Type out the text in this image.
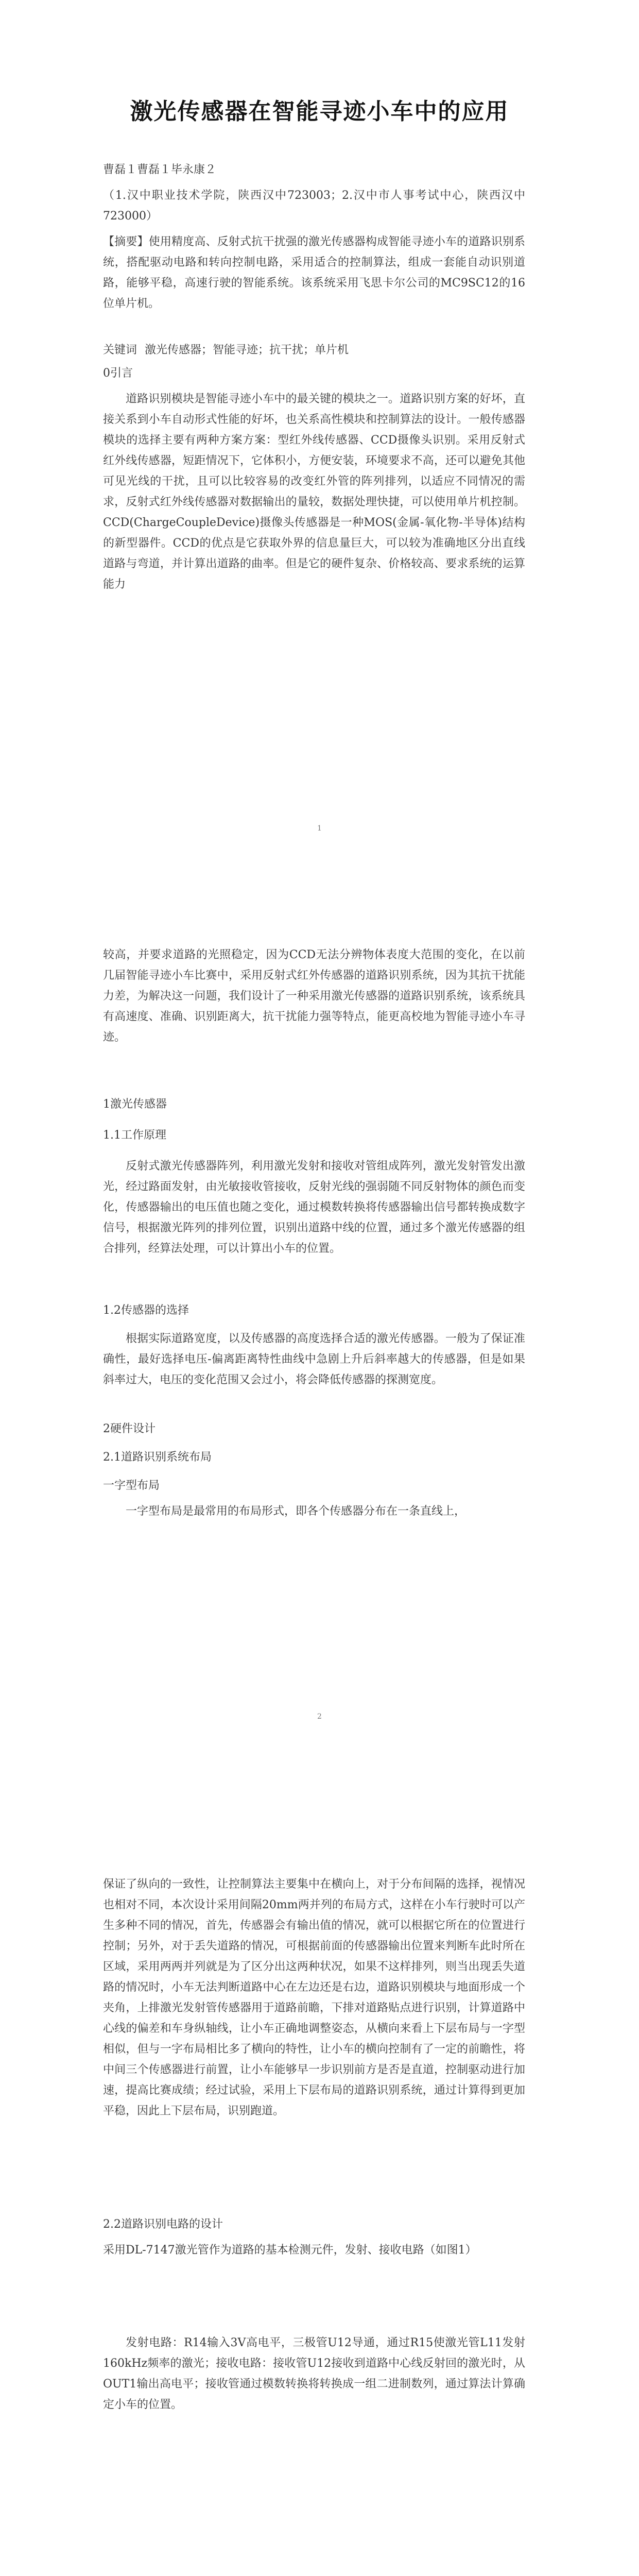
激光传感器在智能寻迹小车中的应用

曹磊１曹磊１毕永康２

（1.汉中职业技术学院，陕西汉中723003；2.汉中市人事考试中心，陕西汉中723000）

【摘要】使用精度高、反射式抗干扰强的激光传感器构成智能寻迹小车的道路识别系统，搭配驱动电路和转向控制电路，采用适合的控制算法，组成一套能自动识别道路，能够平稳，高速行驶的智能系统。该系统采用飞思卡尔公司的MC9SC12的16位单片机。

关键词 激光传感器；智能寻迹；抗干扰；单片机
0引言

道路识别模块是智能寻迹小车中的最关键的模块之一。道路识别方案的好坏，直接关系到小车自动形式性能的好坏，也关系高性模块和控制算法的设计。一般传感器模块的选择主要有两种方案方案：型红外线传感器、CCD摄像头识别。采用反射式红外线传感器，短距情况下，它体积小，方便安装，环境要求不高，还可以避免其他可见光线的干扰，且可以比较容易的改变红外管的阵列排列，以适应不同情况的需求，反射式红外线传感器对数据输出的量较，数据处理快捷，可以使用单片机控制。CCD(ChargeCoupleDevice)摄像头传感器是一种MOS(金属-氧化物-半导体)结构的新型器件。CCD的优点是它获取外界的信息量巨大，可以较为准确地区分出直线道路与弯道，并计算出道路的曲率。但是它的硬件复杂、价格较高、要求系统的运算能力

1

较高，并要求道路的光照稳定，因为CCD无法分辨物体表度大范围的变化，在以前几届智能寻迹小车比赛中，采用反射式红外传感器的道路识别系统，因为其抗干扰能力差，为解决这一问题，我们设计了一种采用激光传感器的道路识别系统，该系统具有高速度、准确、识别距离大，抗干扰能力强等特点，能更高校地为智能寻迹小车寻迹。

1激光传感器
1.1工作原理

反射式激光传感器阵列，利用激光发射和接收对管组成阵列，激光发射管发出激光，经过路面发射，由光敏接收管接收，反射光线的强弱随不同反射物体的颜色而变化，传感器输出的电压值也随之变化，通过模数转换将传感器输出信号都转换成数字信号，根据激光阵列的排列位置，识别出道路中线的位置，通过多个激光传感器的组合排列，经算法处理，可以计算出小车的位置。

1.2传感器的选择

根据实际道路宽度，以及传感器的高度选择合适的激光传感器。一般为了保证准确性，最好选择电压-偏离距离特性曲线中急剧上升后斜率越大的传感器，但是如果斜率过大，电压的变化范围又会过小，将会降低传感器的探测宽度。

2硬件设计
2.1道路识别系统布局
一字型布局

一字型布局是最常用的布局形式，即各个传感器分布在一条直线上，

2

保证了纵向的一致性，让控制算法主要集中在横向上，对于分布间隔的选择，视情况也相对不同，本次设计采用间隔20mm两并列的布局方式，这样在小车行驶时可以产生多种不同的情况，首先，传感器会有输出值的情况，就可以根据它所在的位置进行控制；另外，对于丢失道路的情况，可根据前面的传感器输出位置来判断车此时所在区域，采用两两并列就是为了区分出这两种状况，如果不这样排列，则当出现丢失道路的情况时，小车无法判断道路中心在左边还是右边，道路识别模块与地面形成一个夹角，上排激光发射管传感器用于道路前瞻，下排对道路贴点进行识别，计算道路中心线的偏差和车身纵轴线，让小车正确地调整姿态，从横向来看上下层布局与一字型相似，但与一字布局相比多了横向的特性，让小车的横向控制有了一定的前瞻性，将中间三个传感器进行前置，让小车能够早一步识别前方是否是直道，控制驱动进行加速，提高比赛成绩；经过试验，采用上下层布局的道路识别系统，通过计算得到更加平稳，因此上下层布局，识别跑道。

2.2道路识别电路的设计

采用DL-7147激光管作为道路的基本检测元件，发射、接收电路（如图1）

发射电路：R14输入3V高电平，三极管U12导通，通过R15使激光管L11发射160kHz频率的激光；接收电路：接收管U12接收到道路中心线反射回的激光时，从OUT1输出高电平；接收管通过模数转换将转换成一组二进制数列，通过算法计算确定小车的位置。
